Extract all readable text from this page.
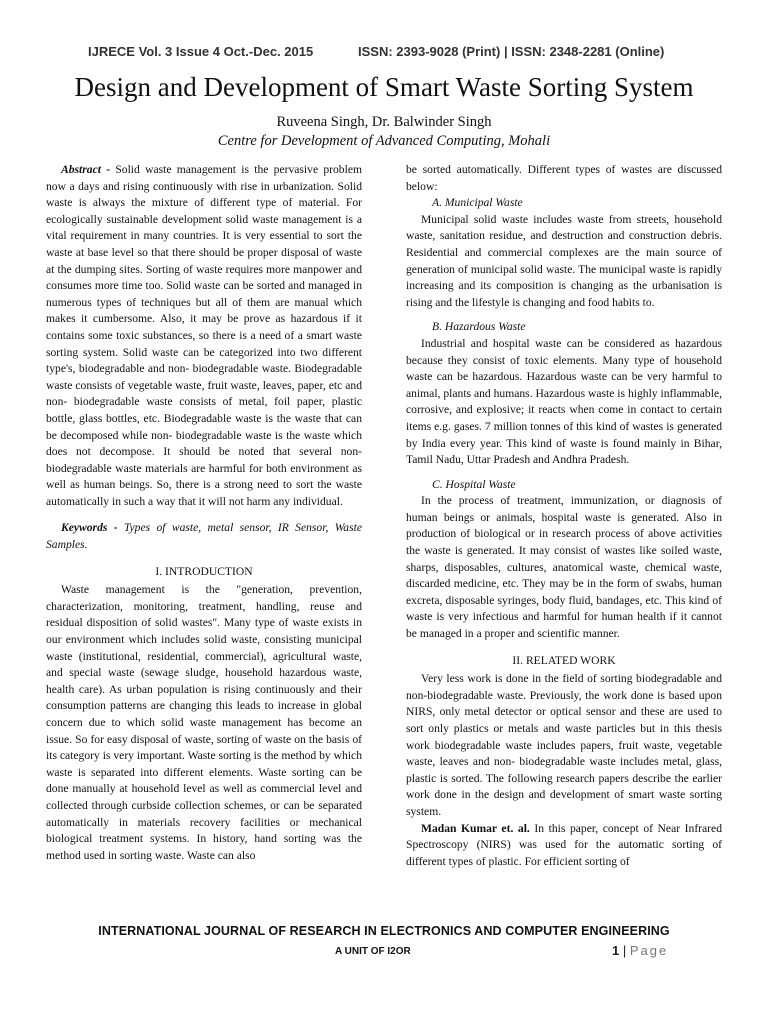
IJRECE Vol. 3 Issue 4 Oct.-Dec. 2015	ISSN: 2393-9028 (Print) | ISSN: 2348-2281 (Online)
Design and Development of Smart Waste Sorting System
Ruveena Singh, Dr. Balwinder Singh
Centre for Development of Advanced Computing, Mohali

Abstract - Solid waste management is the pervasive problem now a days and rising continuously with rise in urbanization. Solid waste is always the mixture of different type of material. For ecologically sustainable development solid waste management is a vital requirement in many countries. It is very essential to sort the waste at base level so that there should be proper disposal of waste at the dumping sites. Sorting of waste requires more manpower and consumes more time too. Solid waste can be sorted and managed in numerous types of techniques but all of them are manual which makes it cumbersome. Also, it may be prove as hazardous if it contains some toxic substances, so there is a need of a smart waste sorting system. Solid waste can be categorized into two different type's, biodegradable and non- biodegradable waste. Biodegradable waste consists of vegetable waste, fruit waste, leaves, paper, etc and non- biodegradable waste consists of metal, foil paper, plastic bottle, glass bottles, etc. Biodegradable waste is the waste that can be decomposed while non- biodegradable waste is the waste which does not decompose. It should be noted that several non-biodegradable waste materials are harmful for both environment as well as human beings. So, there is a strong need to sort the waste automatically in such a way that it will not harm any individual.

Keywords - Types of waste, metal sensor, IR Sensor, Waste Samples.

I. INTRODUCTION

Waste management is the "generation, prevention, characterization, monitoring, treatment, handling, reuse and residual disposition of solid wastes". Many type of waste exists in our environment which includes solid waste, consisting municipal waste (institutional, residential, commercial), agricultural waste, and special waste (sewage sludge, household hazardous waste, health care). As urban population is rising continuously and their consumption patterns are changing this leads to increase in global concern due to which solid waste management has become an issue. So for easy disposal of waste, sorting of waste on the basis of its category is very important. Waste sorting is the method by which waste is separated into different elements. Waste sorting can be done manually at household level as well as commercial level and collected through curbside collection schemes, or can be separated automatically in materials recovery facilities or mechanical biological treatment systems. In history, hand sorting was the method used in sorting waste. Waste can also

be sorted automatically. Different types of wastes are discussed below:

A. Municipal Waste

Municipal solid waste includes waste from streets, household waste, sanitation residue, and destruction and construction debris. Residential and commercial complexes are the main source of generation of municipal solid waste. The municipal waste is rapidly increasing and its composition is changing as the urbanisation is rising and the lifestyle is changing and food habits to.

B. Hazardous Waste

Industrial and hospital waste can be considered as hazardous because they consist of toxic elements. Many type of household waste can be hazardous. Hazardous waste can be very harmful to animal, plants and humans. Hazardous waste is highly inflammable, corrosive, and explosive; it reacts when come in contact to certain items e.g. gases. 7 million tonnes of this kind of wastes is generated by India every year. This kind of waste is found mainly in Bihar, Tamil Nadu, Uttar Pradesh and Andhra Pradesh.

C. Hospital Waste

In the process of treatment, immunization, or diagnosis of human beings or animals, hospital waste is generated. Also in production of biological or in research process of above activities the waste is generated. It may consist of wastes like soiled waste, sharps, disposables, cultures, anatomical waste, chemical waste, discarded medicine, etc. They may be in the form of swabs, human excreta, disposable syringes, body fluid, bandages, etc. This kind of waste is very infectious and harmful for human health if it cannot be managed in a proper and scientific manner.

II. RELATED WORK

Very less work is done in the field of sorting biodegradable and non-biodegradable waste. Previously, the work done is based upon NIRS, only metal detector or optical sensor and these are used to sort only plastics or metals and waste particles but in this thesis work biodegradable waste includes papers, fruit waste, vegetable waste, leaves and non- biodegradable waste includes metal, glass, plastic is sorted. The following research papers describe the earlier work done in the design and development of smart waste sorting system.

Madan Kumar et. al. In this paper, concept of Near Infrared Spectroscopy (NIRS) was used for the automatic sorting of different types of plastic. For efficient sorting of

INTERNATIONAL JOURNAL OF RESEARCH IN ELECTRONICS AND COMPUTER ENGINEERING
A UNIT OF I2OR	1 | Page
